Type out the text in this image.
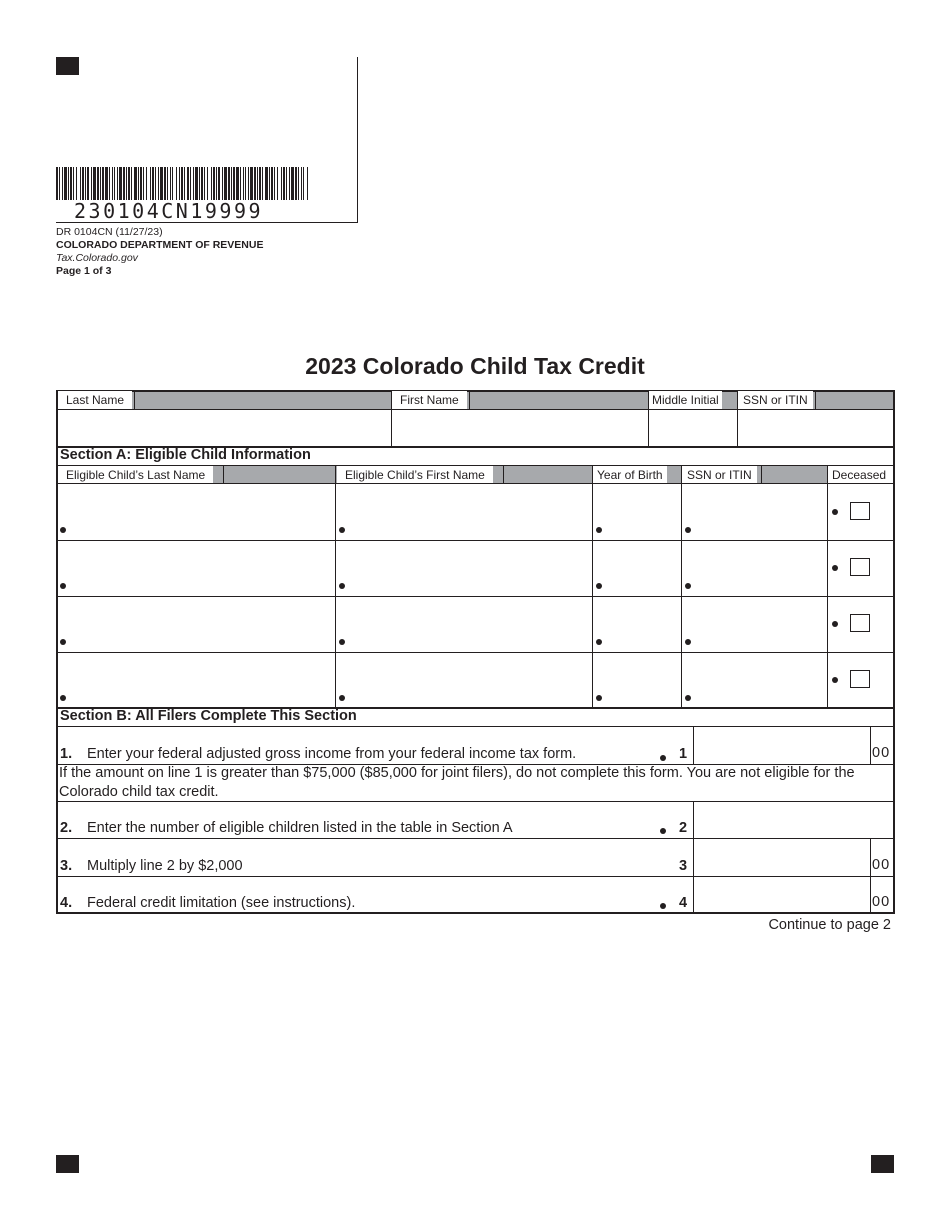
230104CN19999
DR 0104CN (11/27/23)
COLORADO DEPARTMENT OF REVENUE
Tax.Colorado.gov
Page 1 of 3
2023 Colorado Child Tax Credit
Last Name	First Name	Middle Initial	SSN or ITIN
Section A: Eligible Child Information
Eligible Child’s Last Name	Eligible Child’s First Name	Year of Birth	SSN or ITIN	Deceased
Section B: All Filers Complete This Section
1. Enter your federal adjusted gross income from your federal income tax form.	1	00
If the amount on line 1 is greater than $75,000 ($85,000 for joint filers), do not complete this form. You are not eligible for the Colorado child tax credit.
2. Enter the number of eligible children listed in the table in Section A	2
3. Multiply line 2 by $2,000	3	00
4. Federal credit limitation (see instructions).	4	00
Continue to page 2
